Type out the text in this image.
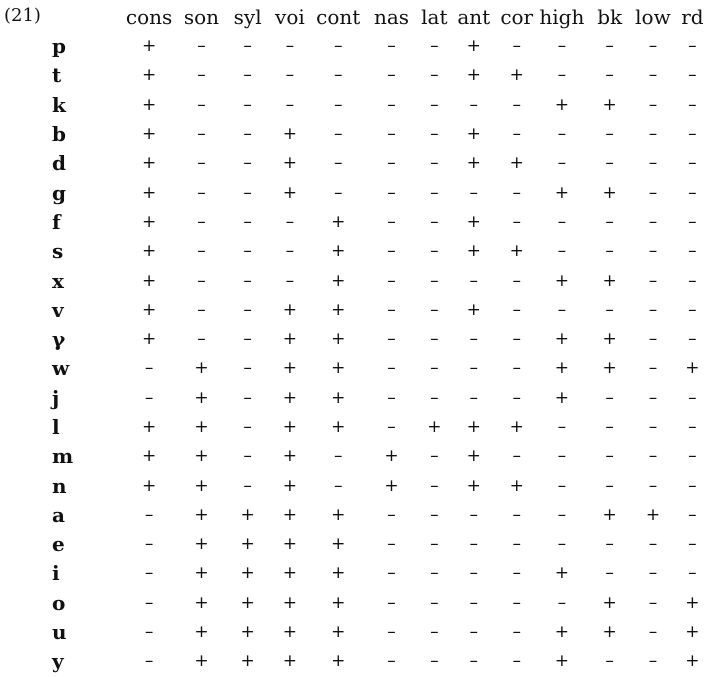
(21)
		cons	son	syl	voi	cont	nas	lat	ant	cor	high	bk	low	rd
p	+	–	–	–	–	–	–	+	–	–	–	–	–
t	+	–	–	–	–	–	–	+	+	–	–	–	–
k	+	–	–	–	–	–	–	–	–	+	+	–	–
b	+	–	–	+	–	–	–	+	–	–	–	–	–
d	+	–	–	+	–	–	–	+	+	–	–	–	–
g	+	–	–	+	–	–	–	–	–	+	+	–	–
f	+	–	–	–	+	–	–	+	–	–	–	–	–
s	+	–	–	–	+	–	–	+	+	–	–	–	–
x	+	–	–	–	+	–	–	–	–	+	+	–	–
v	+	–	–	+	+	–	–	+	–	–	–	–	–
γ	+	–	–	+	+	–	–	–	–	+	+	–	–
w	–	+	–	+	+	–	–	–	–	+	+	–	+
j	–	+	–	+	+	–	–	–	–	+	–	–	–
l	+	+	–	+	+	–	+	+	+	–	–	–	–
m	+	+	–	+	–	+	–	+	–	–	–	–	–
n	+	+	–	+	–	+	–	+	+	–	–	–	–
a	–	+	+	+	+	–	–	–	–	–	+	+	–
e	–	+	+	+	+	–	–	–	–	–	–	–	–
i	–	+	+	+	+	–	–	–	–	+	–	–	–
o	–	+	+	+	+	–	–	–	–	–	+	–	+
u	–	+	+	+	+	–	–	–	–	+	+	–	+
y	–	+	+	+	+	–	–	–	–	+	–	–	+
